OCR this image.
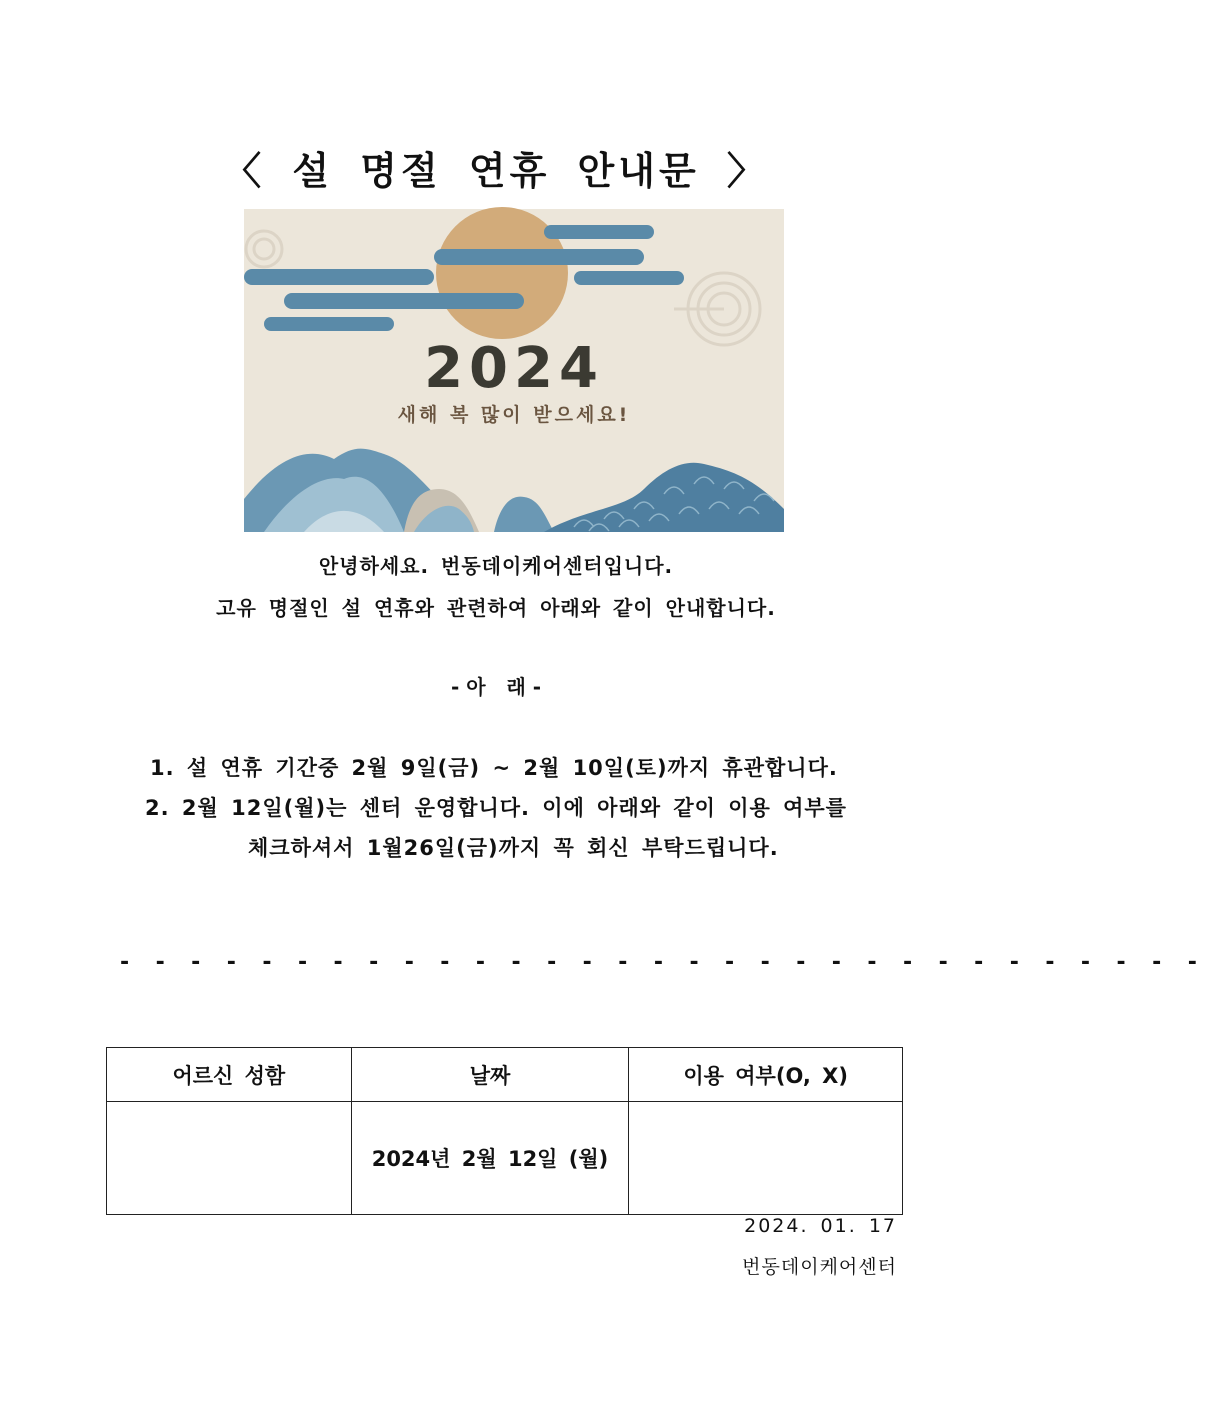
〈 설 명절 연휴 안내문 〉
2024
새해 복 많이 받으세요!
안녕하세요. 번동데이케어센터입니다.
고유 명절인 설 연휴와 관련하여 아래와 같이 안내합니다.
- 아   래 -
1. 설 연휴 기간중 2월 9일(금) ~ 2월 10일(토)까지 휴관합니다.
2. 2월 12일(월)는 센터 운영합니다. 이에 아래와 같이 이용 여부를
체크하셔서 1월26일(금)까지 꼭 회신 부탁드립니다.
- - - - - - - - - - - - - - - - - - - - - - - - - - - - - - -
어르신 성함	날짜	이용 여부(O, X)
	2024년 2월 12일 (월)	
2024. 01. 17
번동데이케어센터
